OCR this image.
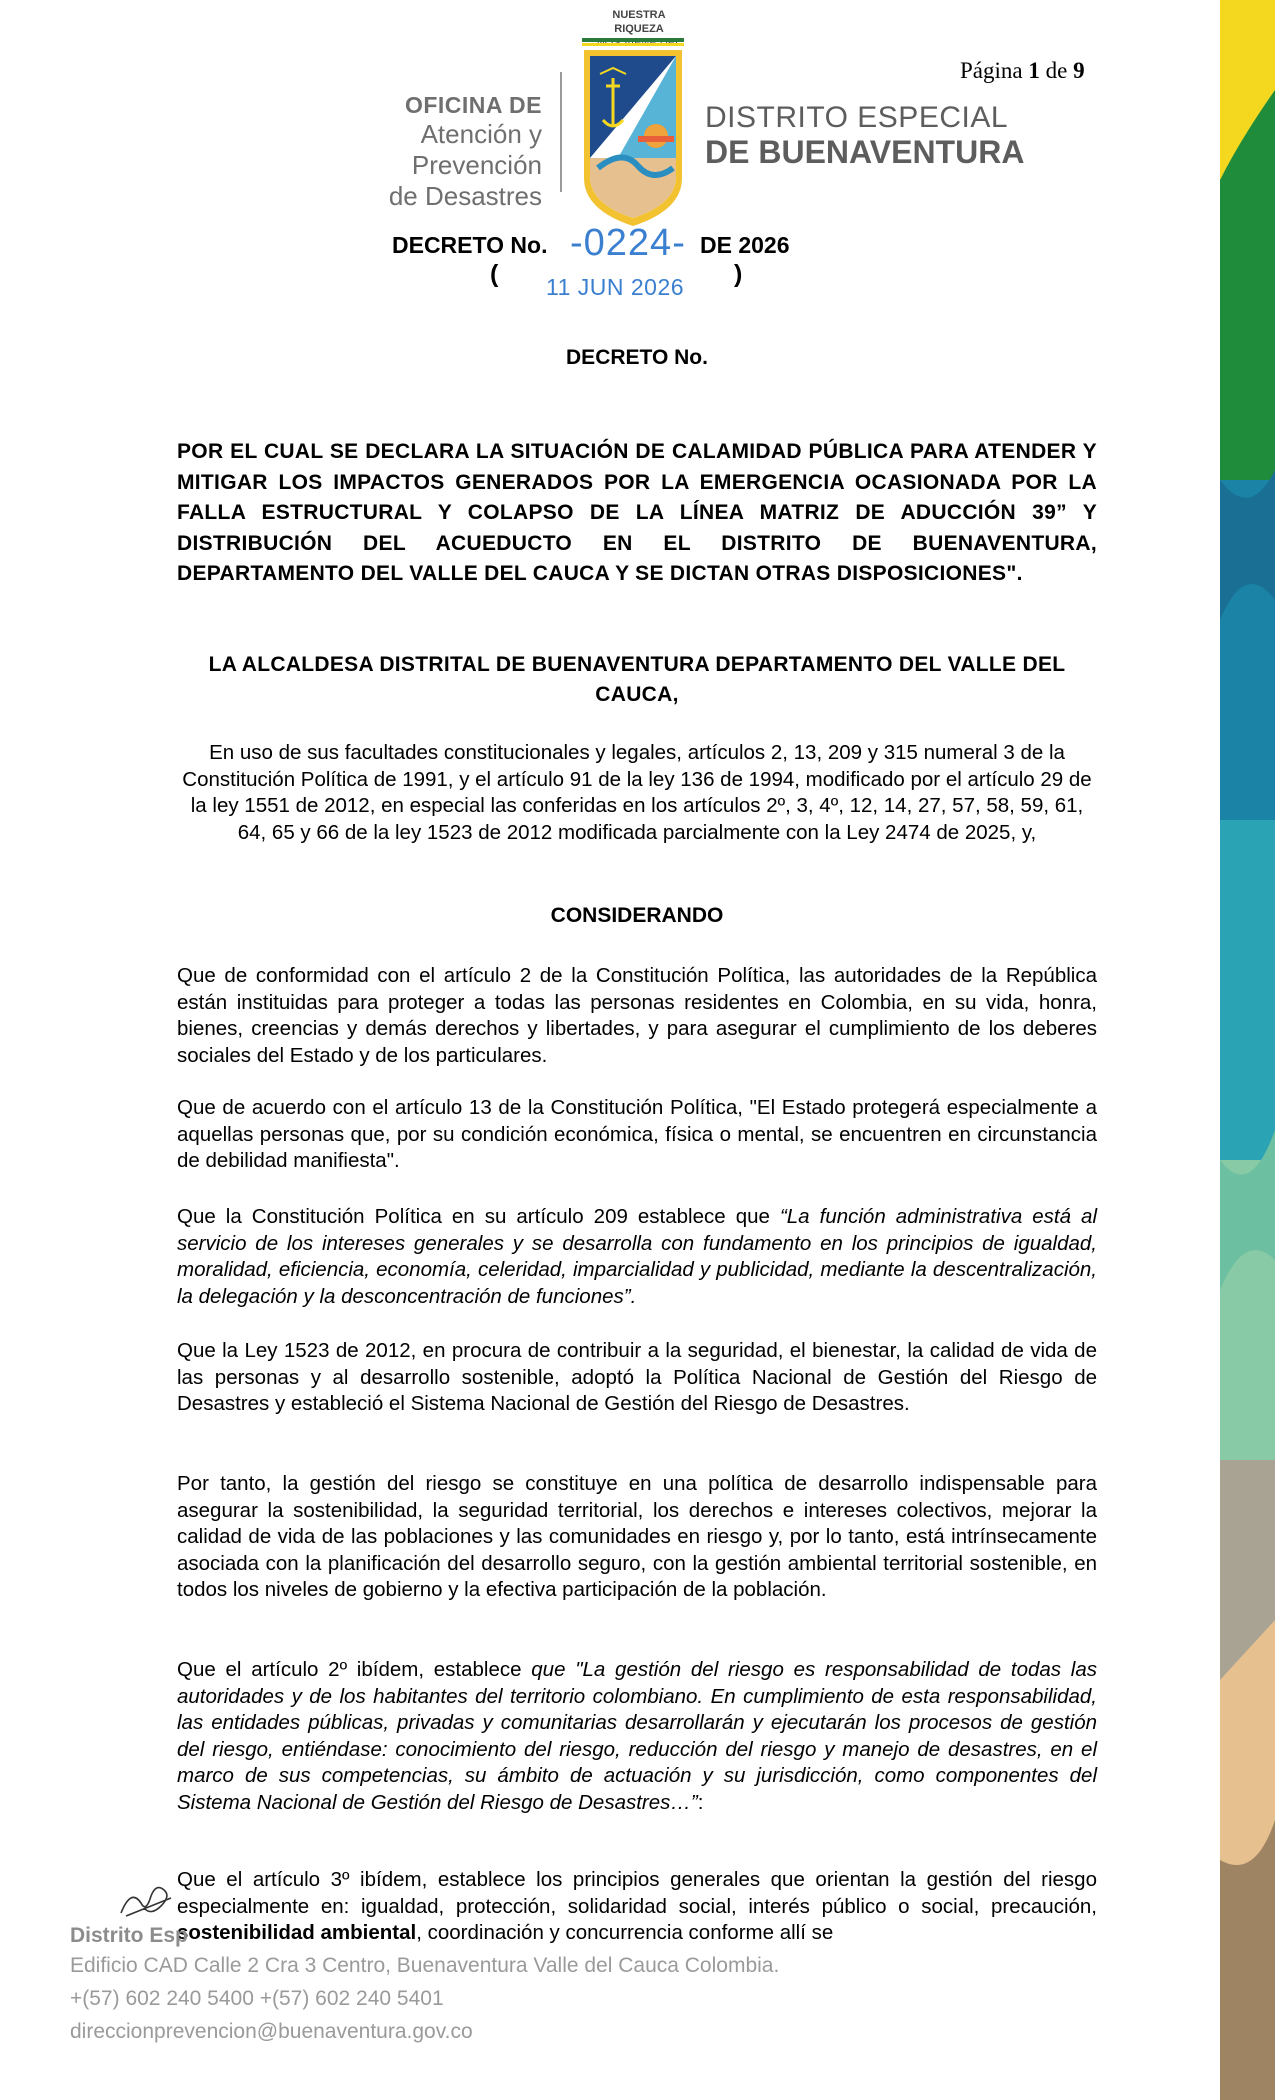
Página 1 de 9
OFICINA DE
Atención y Prevención
de Desastres
NUESTRA RIQUEZA
DISTRITO ESPECIAL
DE BUENAVENTURA
DECRETO No. -0224- DE 2026
( 11 JUN 2026 )
DECRETO No.
POR EL CUAL SE DECLARA LA SITUACIÓN DE CALAMIDAD PÚBLICA PARA ATENDER Y MITIGAR LOS IMPACTOS GENERADOS POR LA EMERGENCIA OCASIONADA POR LA FALLA ESTRUCTURAL Y COLAPSO DE LA LÍNEA MATRIZ DE ADUCCIÓN 39” Y DISTRIBUCIÓN DEL ACUEDUCTO EN EL DISTRITO DE BUENAVENTURA, DEPARTAMENTO DEL VALLE DEL CAUCA Y SE DICTAN OTRAS DISPOSICIONES".
LA ALCALDESA DISTRITAL DE BUENAVENTURA DEPARTAMENTO DEL VALLE DEL CAUCA,
En uso de sus facultades constitucionales y legales, artículos 2, 13, 209 y 315 numeral 3 de la Constitución Política de 1991, y el artículo 91 de la ley 136 de 1994, modificado por el artículo 29 de la ley 1551 de 2012, en especial las conferidas en los artículos 2º, 3, 4º, 12, 14, 27, 57, 58, 59, 61, 64, 65 y 66 de la ley 1523 de 2012 modificada parcialmente con la Ley 2474 de 2025, y,
CONSIDERANDO
Que de conformidad con el artículo 2 de la Constitución Política, las autoridades de la República están instituidas para proteger a todas las personas residentes en Colombia, en su vida, honra, bienes, creencias y demás derechos y libertades, y para asegurar el cumplimiento de los deberes sociales del Estado y de los particulares.
Que de acuerdo con el artículo 13 de la Constitución Política, "El Estado protegerá especialmente a aquellas personas que, por su condición económica, física o mental, se encuentren en circunstancia de debilidad manifiesta".
Que la Constitución Política en su artículo 209 establece que “La función administrativa está al servicio de los intereses generales y se desarrolla con fundamento en los principios de igualdad, moralidad, eficiencia, economía, celeridad, imparcialidad y publicidad, mediante la descentralización, la delegación y la desconcentración de funciones”.
Que la Ley 1523 de 2012, en procura de contribuir a la seguridad, el bienestar, la calidad de vida de las personas y al desarrollo sostenible, adoptó la Política Nacional de Gestión del Riesgo de Desastres y estableció el Sistema Nacional de Gestión del Riesgo de Desastres.
Por tanto, la gestión del riesgo se constituye en una política de desarrollo indispensable para asegurar la sostenibilidad, la seguridad territorial, los derechos e intereses colectivos, mejorar la calidad de vida de las poblaciones y las comunidades en riesgo y, por lo tanto, está intrínsecamente asociada con la planificación del desarrollo seguro, con la gestión ambiental territorial sostenible, en todos los niveles de gobierno y la efectiva participación de la población.
Que el artículo 2º ibídem, establece que "La gestión del riesgo es responsabilidad de todas las autoridades y de los habitantes del territorio colombiano. En cumplimiento de esta responsabilidad, las entidades públicas, privadas y comunitarias desarrollarán y ejecutarán los procesos de gestión del riesgo, entiéndase: conocimiento del riesgo, reducción del riesgo y manejo de desastres, en el marco de sus competencias, su ámbito de actuación y su jurisdicción, como componentes del Sistema Nacional de Gestión del Riesgo de Desastres…”:
Que el artículo 3º ibídem, establece los principios generales que orientan la gestión del riesgo especialmente en: igualdad, protección, solidaridad social, interés público o social, precaución, sostenibilidad ambiental, coordinación y concurrencia conforme allí se
Distrito Esp
Edificio CAD Calle 2 Cra 3 Centro, Buenaventura Valle del Cauca Colombia.
+(57) 602 240 5400 +(57) 602 240 5401
direccionprevencion@buenaventura.gov.co
